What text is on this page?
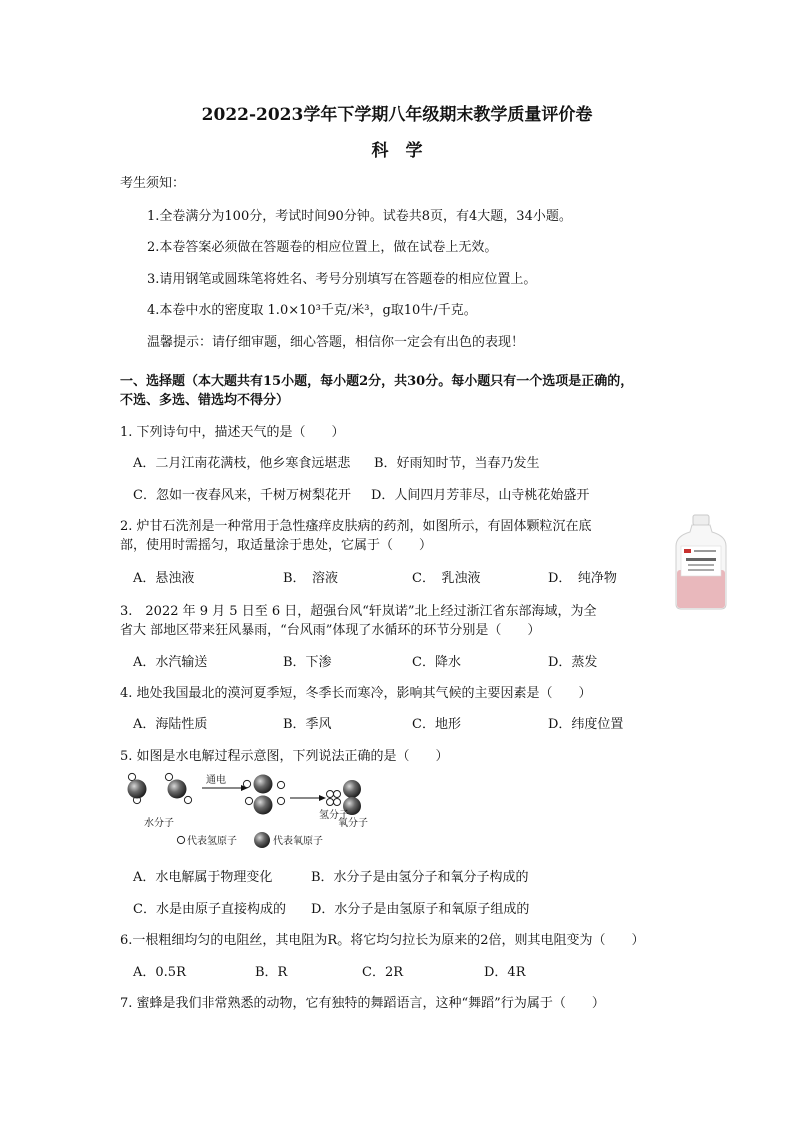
2022-2023学年下学期八年级期末教学质量评价卷
科　学
考生须知：
1.全卷满分为100分，考试时间90分钟。试卷共8页，有4大题，34小题。
2.本卷答案必须做在答题卷的相应位置上，做在试卷上无效。
3.请用钢笔或圆珠笔将姓名、考号分别填写在答题卷的相应位置上。
4.本卷中水的密度取 1.0×10³千克/米³，g取10牛/千克。
温馨提示：请仔细审题，细心答题，相信你一定会有出色的表现！
一、选择题（本大题共有15小题，每小题2分，共30分。每小题只有一个选项是正确的，
不选、多选、错选均不得分）
1. 下列诗句中，描述天气的是（　　）
A．二月江南花满枝，他乡寒食远堪悲 B．好雨知时节，当春乃发生
C．忽如一夜春风来，千树万树梨花开 D．人间四月芳菲尽，山寺桃花始盛开
2. 炉甘石洗剂是一种常用于急性瘙痒皮肤病的药剂，如图所示，有固体颗粒沉在底
部，使用时需摇匀，取适量涂于患处，它属于（　　）
A．悬浊液	B．　溶液	C．　乳浊液	D．　纯净物
3.　2022 年 9 月 5 日至 6 日，超强台风“轩岚诺”北上经过浙江省东部海域，为全
省大 部地区带来狂风暴雨，“台风雨”体现了水循环的环节分别是（　　）
A．水汽输送	B．下渗	C．降水	D．蒸发
4. 地处我国最北的漠河夏季短，冬季长而寒冷，影响其气候的主要因素是（　　）
A．海陆性质	B．季风	C．地形	D．纬度位置
5. 如图是水电解过程示意图，下列说法正确的是（　　）
通电
水分子
氢分子
氧分子
代表氢原子	代表氧原子
A．水电解属于物理变化	B．水分子是由氢分子和氧分子构成的
C．水是由原子直接构成的 D．水分子是由氢原子和氧原子组成的
6.一根粗细均匀的电阻丝，其电阻为R。将它均匀拉长为原来的2倍，则其电阻变为（　　）
A．0.5R	B．R	C．2R	D．4R
7. 蜜蜂是我们非常熟悉的动物，它有独特的舞蹈语言，这种“舞蹈”行为属于（　　）
